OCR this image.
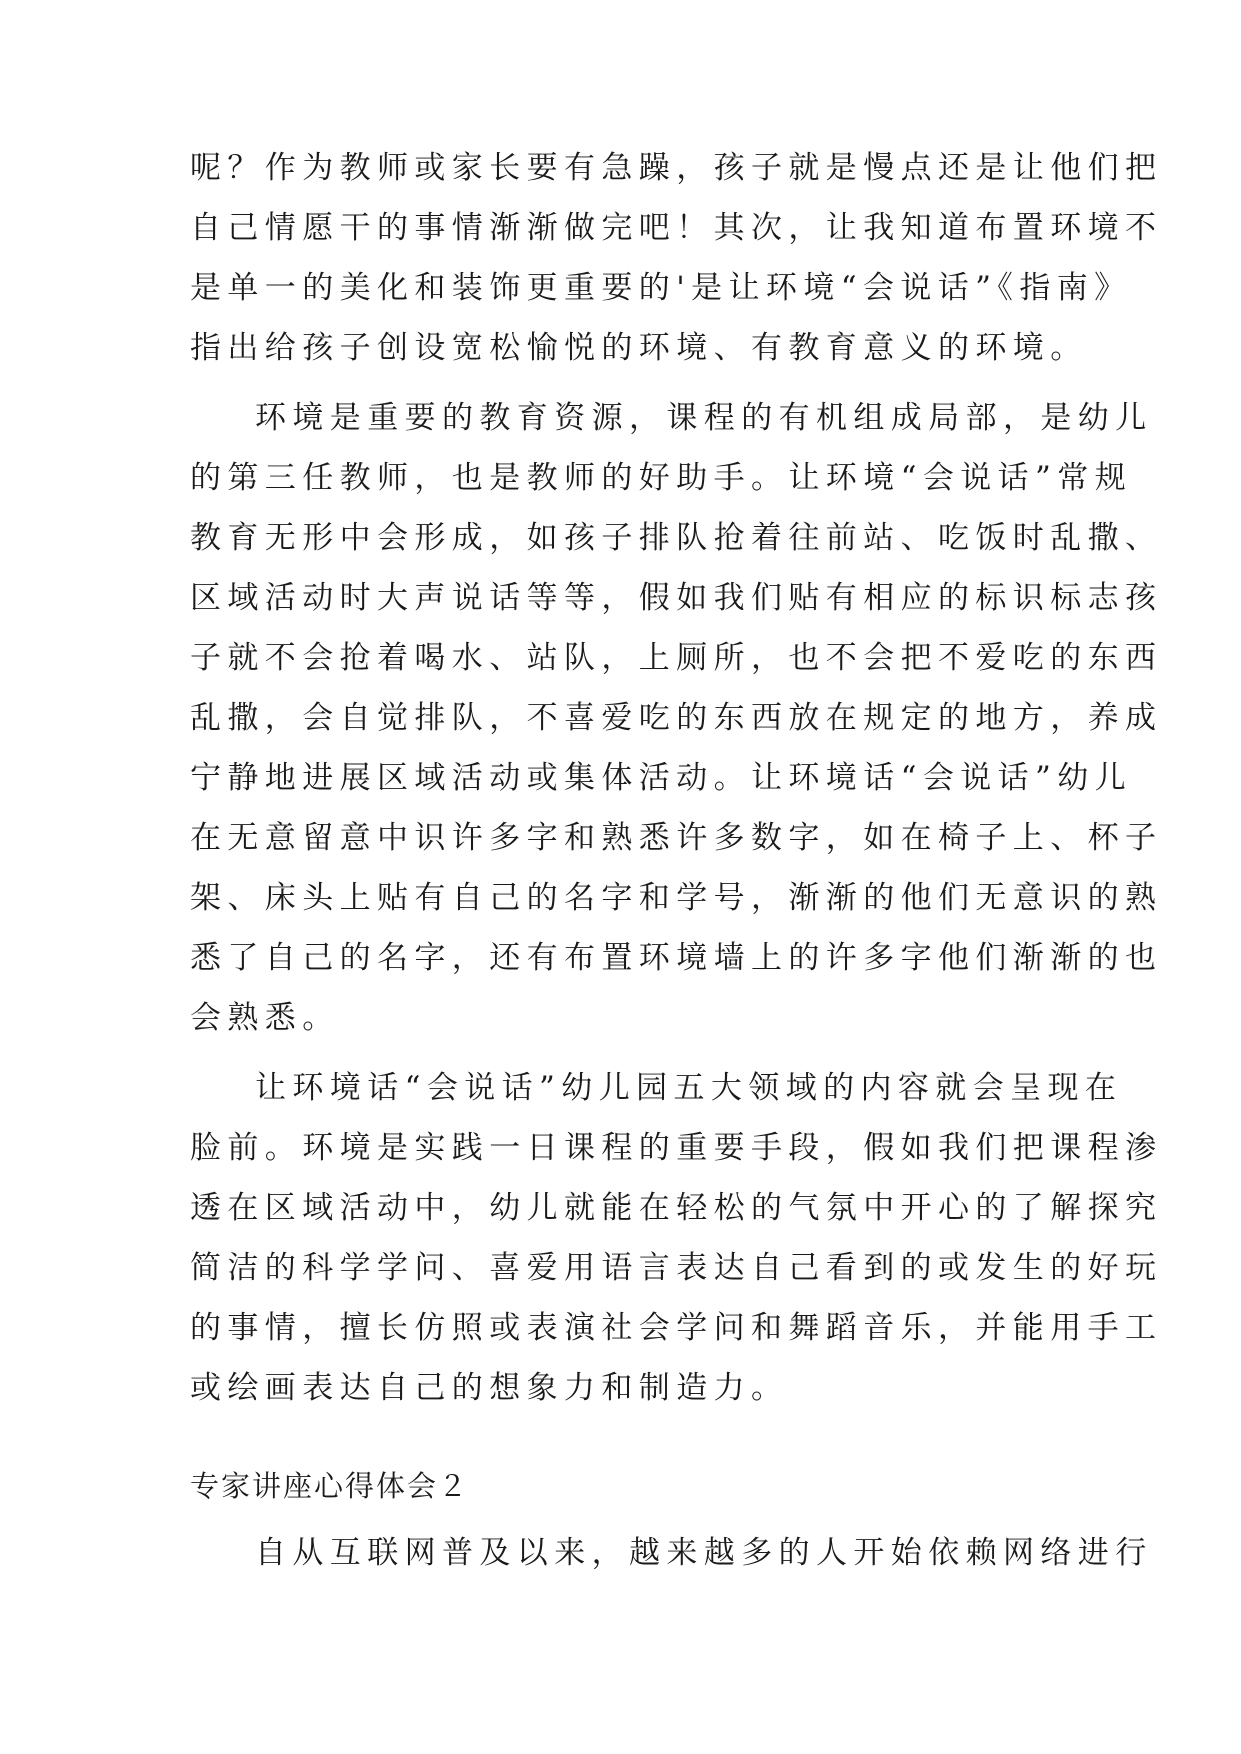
呢？作为教师或家长要有急躁，孩子就是慢点还是让他们把
自己情愿干的事情渐渐做完吧！其次，让我知道布置环境不
是单一的美化和装饰更重要的'是让环境“会说话”《指南》
指出给孩子创设宽松愉悦的环境、有教育意义的环境。
环境是重要的教育资源，课程的有机组成局部，是幼儿
的第三任教师，也是教师的好助手。让环境“会说话”常规
教育无形中会形成，如孩子排队抢着往前站、吃饭时乱撒、
区域活动时大声说话等等，假如我们贴有相应的标识标志孩
子就不会抢着喝水、站队，上厕所，也不会把不爱吃的东西
乱撒，会自觉排队，不喜爱吃的东西放在规定的地方，养成
宁静地进展区域活动或集体活动。让环境话“会说话”幼儿
在无意留意中识许多字和熟悉许多数字，如在椅子上、杯子
架、床头上贴有自己的名字和学号，渐渐的他们无意识的熟
悉了自己的名字，还有布置环境墙上的许多字他们渐渐的也
会熟悉。
让环境话“会说话”幼儿园五大领域的内容就会呈现在
脸前。环境是实践一日课程的重要手段，假如我们把课程渗
透在区域活动中，幼儿就能在轻松的气氛中开心的了解探究
简洁的科学学问、喜爱用语言表达自己看到的或发生的好玩
的事情，擅长仿照或表演社会学问和舞蹈音乐，并能用手工
或绘画表达自己的想象力和制造力。
专家讲座心得体会２
自从互联网普及以来，越来越多的人开始依赖网络进行
